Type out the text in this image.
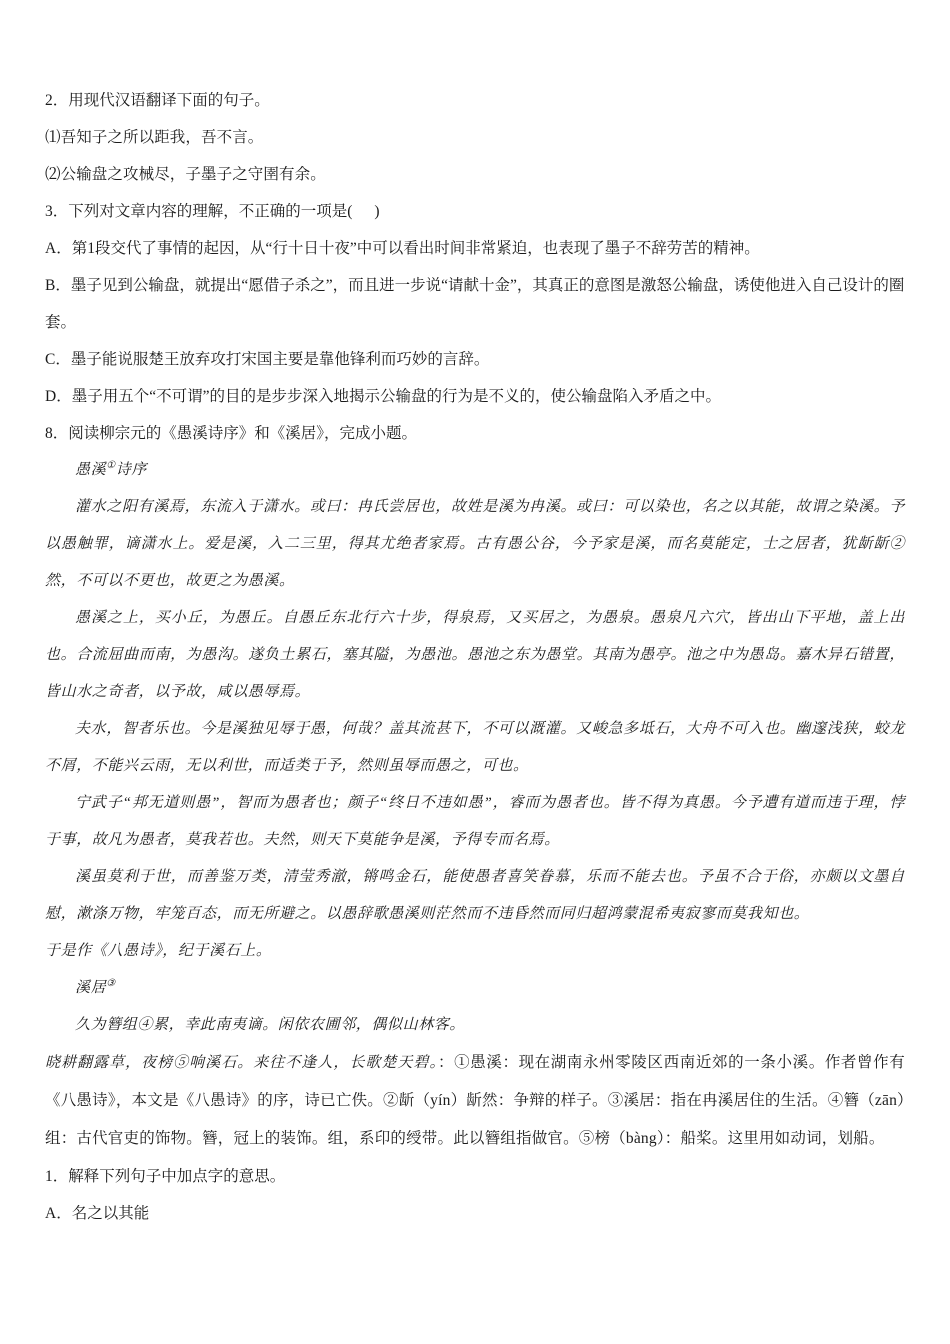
2．用现代汉语翻译下面的句子。
⑴吾知子之所以距我，吾不言。
⑵公输盘之攻械尽，子墨子之守圉有余。
3．下列对文章内容的理解，不正确的一项是( )
A．第1段交代了事情的起因，从“行十日十夜”中可以看出时间非常紧迫，也表现了墨子不辞劳苦的精神。
B．墨子见到公输盘，就提出“愿借子杀之”，而且进一步说“请献十金”，其真正的意图是激怒公输盘，诱使他进入自己设计的圈套。
C．墨子能说服楚王放弃攻打宋国主要是靠他锋利而巧妙的言辞。
D．墨子用五个“不可谓”的目的是步步深入地揭示公输盘的行为是不义的，使公输盘陷入矛盾之中。
8．阅读柳宗元的《愚溪诗序》和《溪居》，完成小题。
愚溪①诗序
灌水之阳有溪焉，东流入于潇水。或曰：冉氏尝居也，故姓是溪为冉溪。或曰：可以染也，名之以其能，故谓之染溪。予以愚触罪，谪潇水上。爱是溪，入二三里，得其尤绝者家焉。古有愚公谷，今予家是溪，而名莫能定，士之居者，犹龂龂②然，不可以不更也，故更之为愚溪。
愚溪之上，买小丘，为愚丘。自愚丘东北行六十步，得泉焉，又买居之，为愚泉。愚泉凡六穴，皆出山下平地，盖上出也。合流屈曲而南，为愚沟。遂负土累石，塞其隘，为愚池。愚池之东为愚堂。其南为愚亭。池之中为愚岛。嘉木异石错置，皆山水之奇者，以予故，咸以愚辱焉。
夫水，智者乐也。今是溪独见辱于愚，何哉？盖其流甚下，不可以溉灌。又峻急多坻石，大舟不可入也。幽邃浅狭，蛟龙不屑，不能兴云雨，无以利世，而适类于予，然则虽辱而愚之，可也。
宁武子“邦无道则愚”，智而为愚者也；颜子“终日不违如愚”，睿而为愚者也。皆不得为真愚。今予遭有道而违于理，悖于事，故凡为愚者，莫我若也。夫然，则天下莫能争是溪，予得专而名焉。
溪虽莫利于世，而善鉴万类，清莹秀澈，锵鸣金石，能使愚者喜笑眷慕，乐而不能去也。予虽不合于俗，亦颇以文墨自慰，漱涤万物，牢笼百态，而无所避之。以愚辞歌愚溪则茫然而不违昏然而同归超鸿蒙混希夷寂寥而莫我知也。
于是作《八愚诗》，纪于溪石上。
溪居③
久为簪组④累，幸此南夷谪。闲依农圃邻，偶似山林客。
晓耕翻露草，夜榜⑤响溪石。来往不逢人，长歌楚天碧。：①愚溪：现在湖南永州零陵区西南近郊的一条小溪。作者曾作有《八愚诗》，本文是《八愚诗》的序，诗已亡佚。②龂（yín）龂然：争辩的样子。③溪居：指在冉溪居住的生活。④簪（zān）组：古代官吏的饰物。簪，冠上的装饰。组，系印的绶带。此以簪组指做官。⑤榜（bàng）：船桨。这里用如动词，划船。
1．解释下列句子中加点字的意思。
A．名之以其能
